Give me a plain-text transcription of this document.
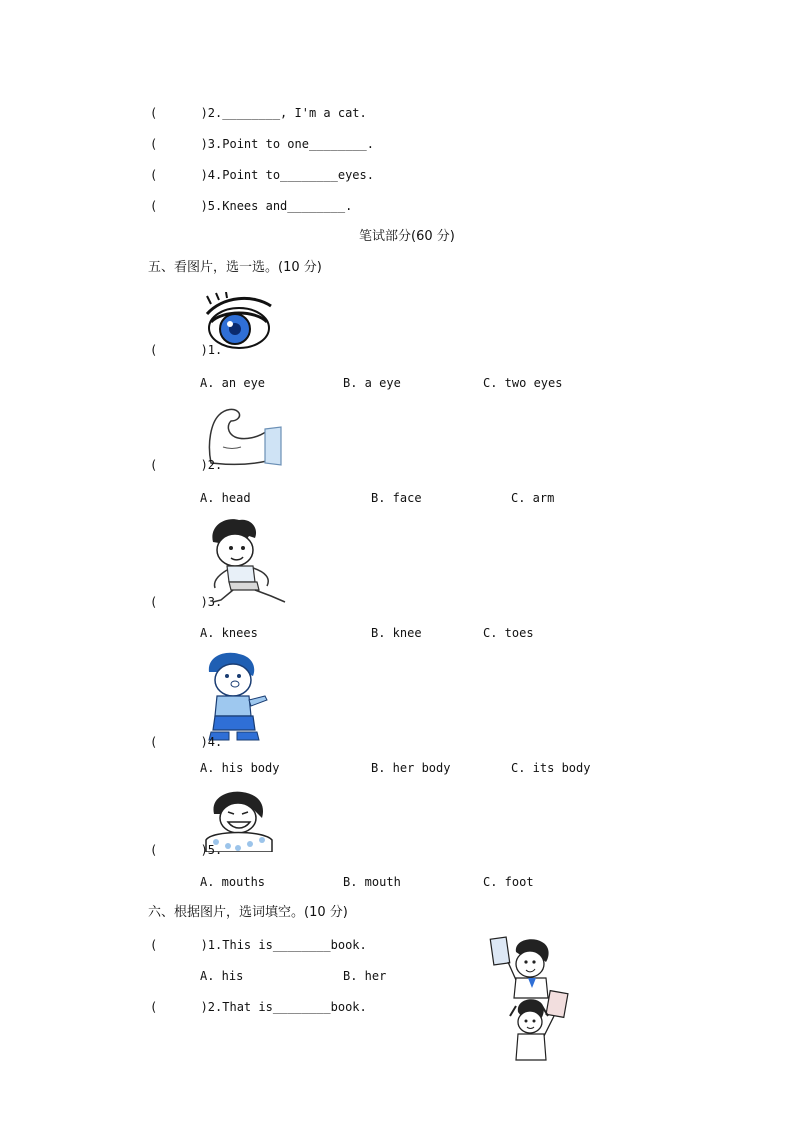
(      )2.________, I'm a cat.
(      )3.Point to one________.
(      )4.Point to________eyes.
(      )5.Knees and________.
笔试部分(60 分)
五、看图片，选一选。(10 分)
(      )1.
A. an eye	B. a eye	C. two eyes
(      )2.
A. head	B. face	C. arm
(      )3.
A. knees	B. knee	C. toes
(      )4.
A. his body	B. her body	C. its body
(      )5.
A. mouths	B. mouth	C. foot
六、根据图片，选词填空。(10 分)
(      )1.This is________book.
A. his	B. her
(      )2.That is________book.
